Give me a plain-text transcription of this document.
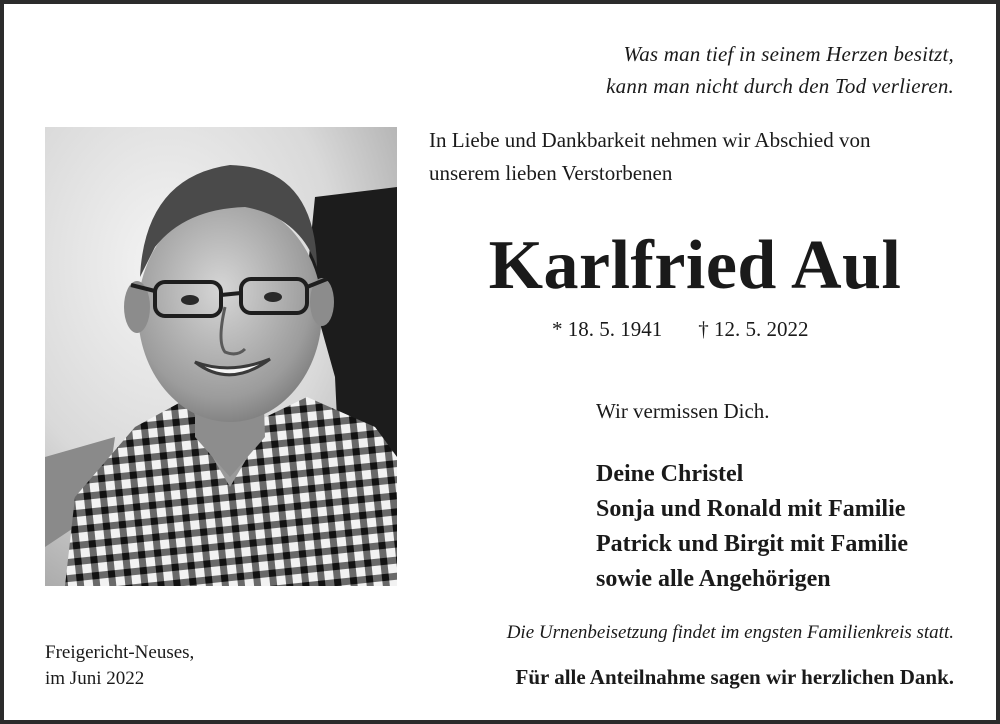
Was man tief in seinem Herzen besitzt,
kann man nicht durch den Tod verlieren.
In Liebe und Dankbarkeit nehmen wir Abschied von
unserem lieben Verstorbenen
Karlfried Aul
* 18. 5. 1941 † 12. 5. 2022
Wir vermissen Dich.
Deine Christel
Sonja und Ronald mit Familie
Patrick und Birgit mit Familie
sowie alle Angehörigen
Die Urnenbeisetzung findet im engsten Familienkreis statt.
Für alle Anteilnahme sagen wir herzlichen Dank.
Freigericht-Neuses,
im Juni 2022
